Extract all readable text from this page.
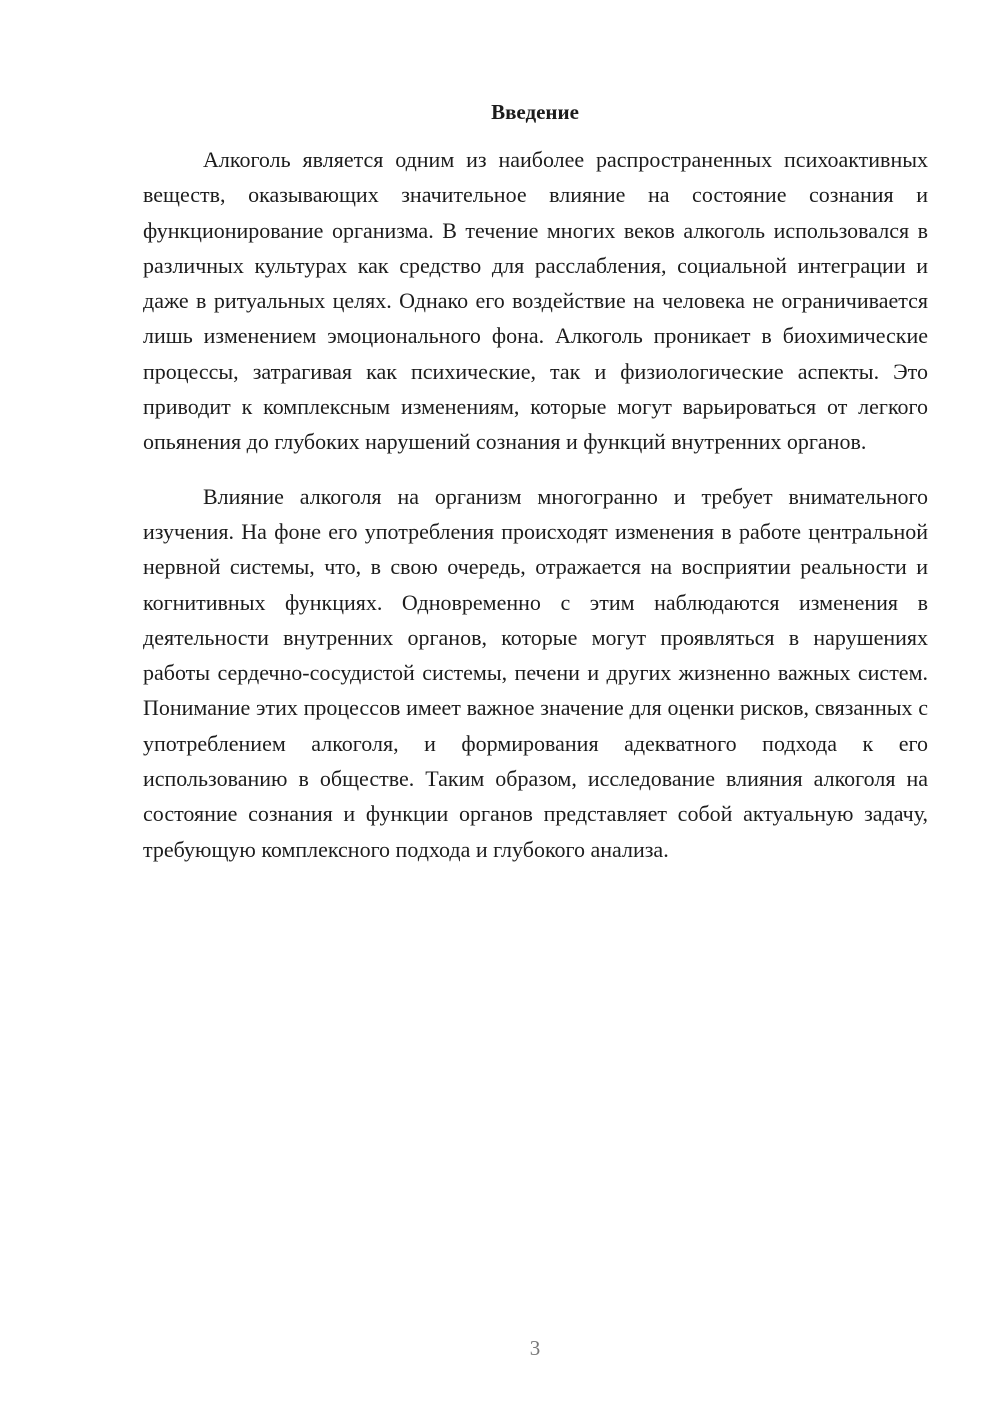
Введение

Алкоголь является одним из наиболее распространенных психоактивных веществ, оказывающих значительное влияние на состояние сознания и функционирование организма. В течение многих веков алкоголь использовался в различных культурах как средство для расслабления, социальной интеграции и даже в ритуальных целях. Однако его воздействие на человека не ограничивается лишь изменением эмоционального фона. Алкоголь проникает в биохимические процессы, затрагивая как психические, так и физиологические аспекты. Это приводит к комплексным изменениям, которые могут варьироваться от легкого опьянения до глубоких нарушений сознания и функций внутренних органов.

Влияние алкоголя на организм многогранно и требует внимательного изучения. На фоне его употребления происходят изменения в работе центральной нервной системы, что, в свою очередь, отражается на восприятии реальности и когнитивных функциях. Одновременно с этим наблюдаются изменения в деятельности внутренних органов, которые могут проявляться в нарушениях работы сердечно-сосудистой системы, печени и других жизненно важных систем. Понимание этих процессов имеет важное значение для оценки рисков, связанных с употреблением алкоголя, и формирования адекватного подхода к его использованию в обществе. Таким образом, исследование влияния алкоголя на состояние сознания и функции органов представляет собой актуальную задачу, требующую комплексного подхода и глубокого анализа.

3
